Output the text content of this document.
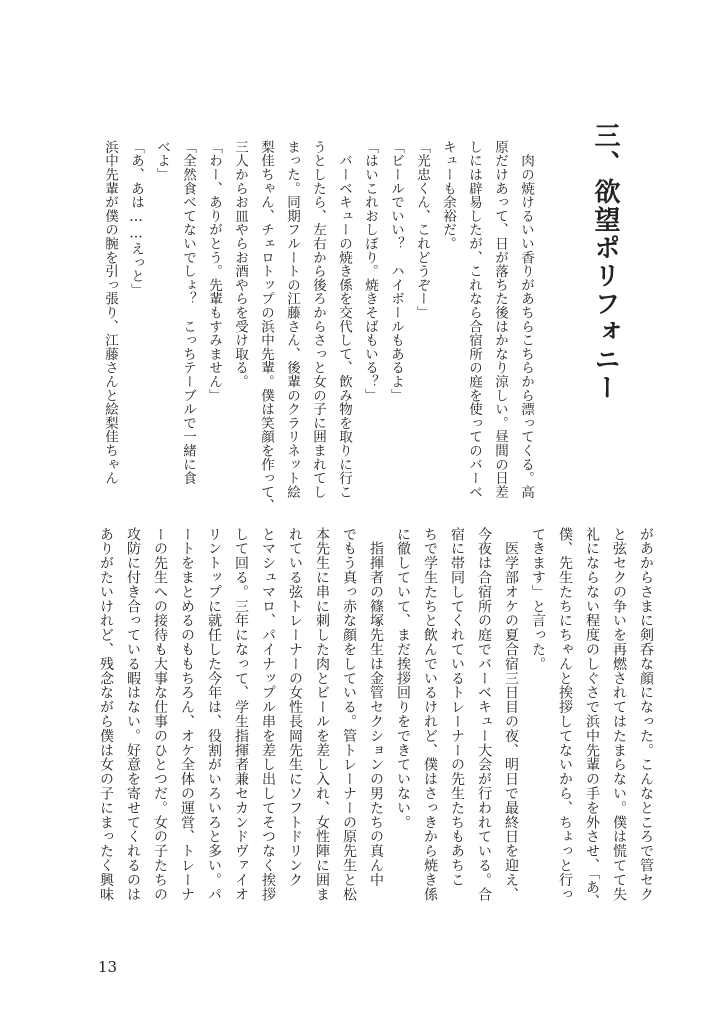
三、欲望ポリフォニー
　肉の焼けるいい香りがあちらこちらから漂ってくる。高
原だけあって、日が落ちた後はかなり涼しい。昼間の日差
しには辟易したが、これなら合宿所の庭を使ってのバーベ
キューも余裕だ。
「光忠くん、これどうぞー」
「ビールでいい？　ハイボールもあるよ」
「はいこれおしぼり。焼きそばもいる？」
　バーベキューの焼き係を交代して、飲み物を取りに行こ
うとしたら、左右から後ろからさっと女の子に囲まれてし
まった。同期フルートの江藤さん、後輩のクラリネット絵
梨佳ちゃん、チェロトップの浜中先輩。僕は笑顔を作って、
三人からお皿やらお酒やらを受け取る。
「わー、ありがとう。先輩もすみません」
「全然食べてないでしょ？　こっちテーブルで一緒に食
べよ」
「あ、あは……えっと」
浜中先輩が僕の腕を引っ張り、江藤さんと絵梨佳ちゃん
があからさまに剣呑な顔になった。こんなところで管セク
と弦セクの争いを再燃されてはたまらない。僕は慌てて失
礼にならない程度のしぐさで浜中先輩の手を外させ、「あ、
僕、先生たちにちゃんと挨拶してないから、ちょっと行っ
てきます」と言った。
　医学部オケの夏合宿三日目の夜、明日で最終日を迎え、
今夜は合宿所の庭でバーベキュー大会が行われている。合
宿に帯同してくれているトレーナーの先生たちもあちこ
ちで学生たちと飲んでいるけれど、僕はさっきから焼き係
に徹していて、まだ挨拶回りをできていない。
　指揮者の篠塚先生は金管セクションの男たちの真ん中
でもう真っ赤な顔をしている。管トレーナーの原先生と松
本先生に串に刺した肉とビールを差し入れ、女性陣に囲ま
れている弦トレーナーの女性長岡先生にソフトドリンク
とマシュマロ、パイナップル串を差し出してそつなく挨拶
して回る。三年になって、学生指揮者兼セカンドヴァイオ
リントップに就任した今年は、役割がいろいろと多い。パ
ートをまとめるのももちろん、オケ全体の運営、トレーナ
ーの先生への接待も大事な仕事のひとつだ。女の子たちの
攻防に付き合っている暇はない。好意を寄せてくれるのは
ありがたいけれど、残念ながら僕は女の子にまったく興味
13
